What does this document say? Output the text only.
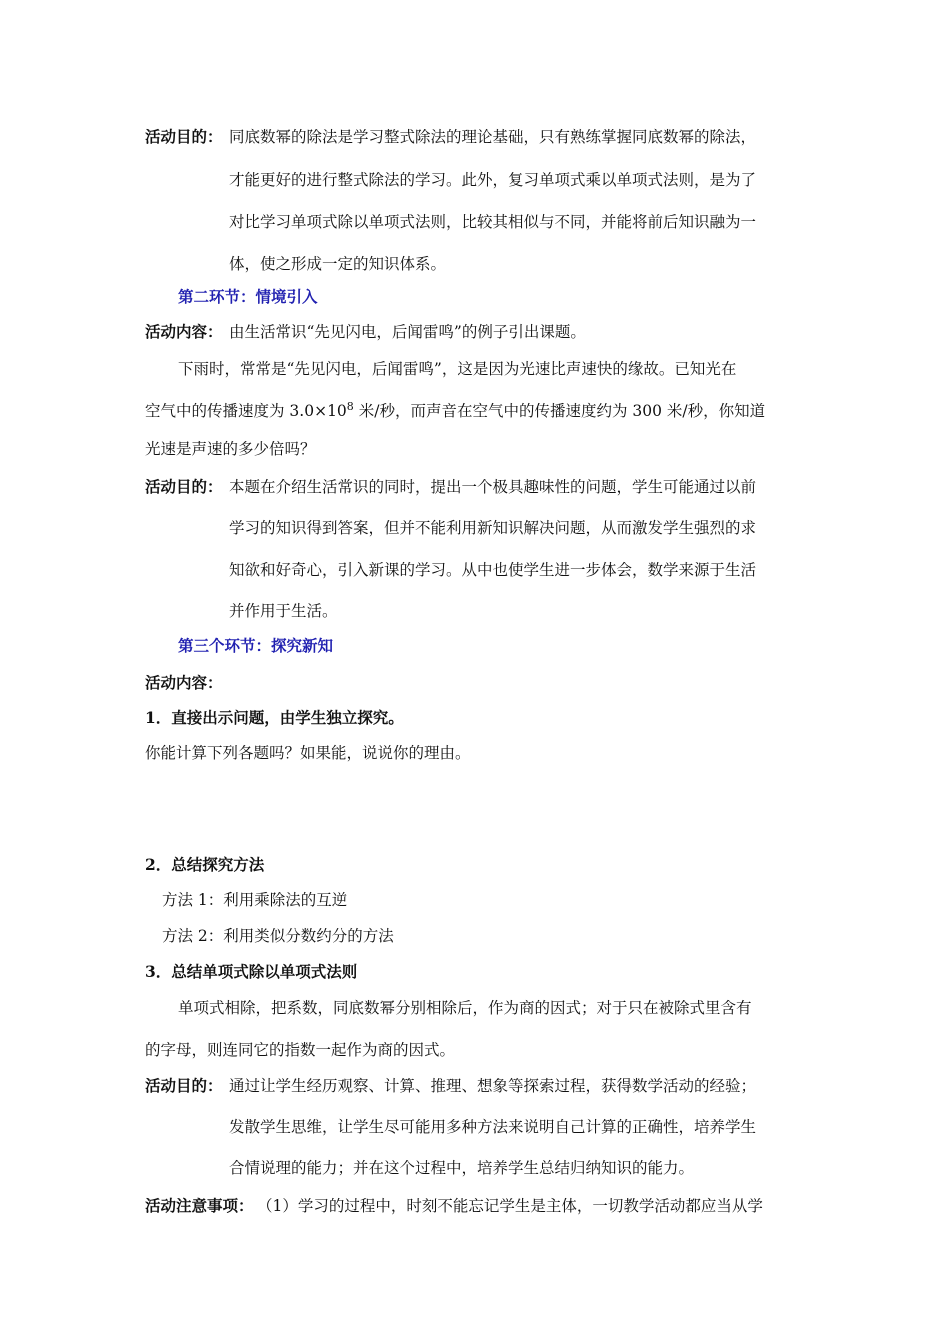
活动目的： 同底数幂的除法是学习整式除法的理论基础，只有熟练掌握同底数幂的除法，
才能更好的进行整式除法的学习。此外，复习单项式乘以单项式法则，是为了
对比学习单项式除以单项式法则，比较其相似与不同，并能将前后知识融为一
体，使之形成一定的知识体系。
第二环节：情境引入
活动内容： 由生活常识“先见闪电，后闻雷鸣”的例子引出课题。
下雨时，常常是“先见闪电，后闻雷鸣”，这是因为光速比声速快的缘故。已知光在
空气中的传播速度为 $3.0\times 10^8$ 米/秒，而声音在空气中的传播速度约为 300 米/秒，你知道
光速是声速的多少倍吗？
活动目的： 本题在介绍生活常识的同时，提出一个极具趣味性的问题，学生可能通过以前
学习的知识得到答案，但并不能利用新知识解决问题，从而激发学生强烈的求
知欲和好奇心，引入新课的学习。从中也使学生进一步体会，数学来源于生活
并作用于生活。
第三个环节：探究新知
活动内容：
1．直接出示问题，由学生独立探究。
你能计算下列各题吗？如果能，说说你的理由。
2．总结探究方法
方法 1：利用乘除法的互逆
方法 2：利用类似分数约分的方法
3．总结单项式除以单项式法则
单项式相除，把系数，同底数幂分别相除后，作为商的因式；对于只在被除式里含有
的字母，则连同它的指数一起作为商的因式。
活动目的： 通过让学生经历观察、计算、推理、想象等探索过程，获得数学活动的经验；
发散学生思维，让学生尽可能用多种方法来说明自己计算的正确性，培养学生
合情说理的能力；并在这个过程中，培养学生总结归纳知识的能力。
活动注意事项： （1）学习的过程中，时刻不能忘记学生是主体，一切教学活动都应当从学
